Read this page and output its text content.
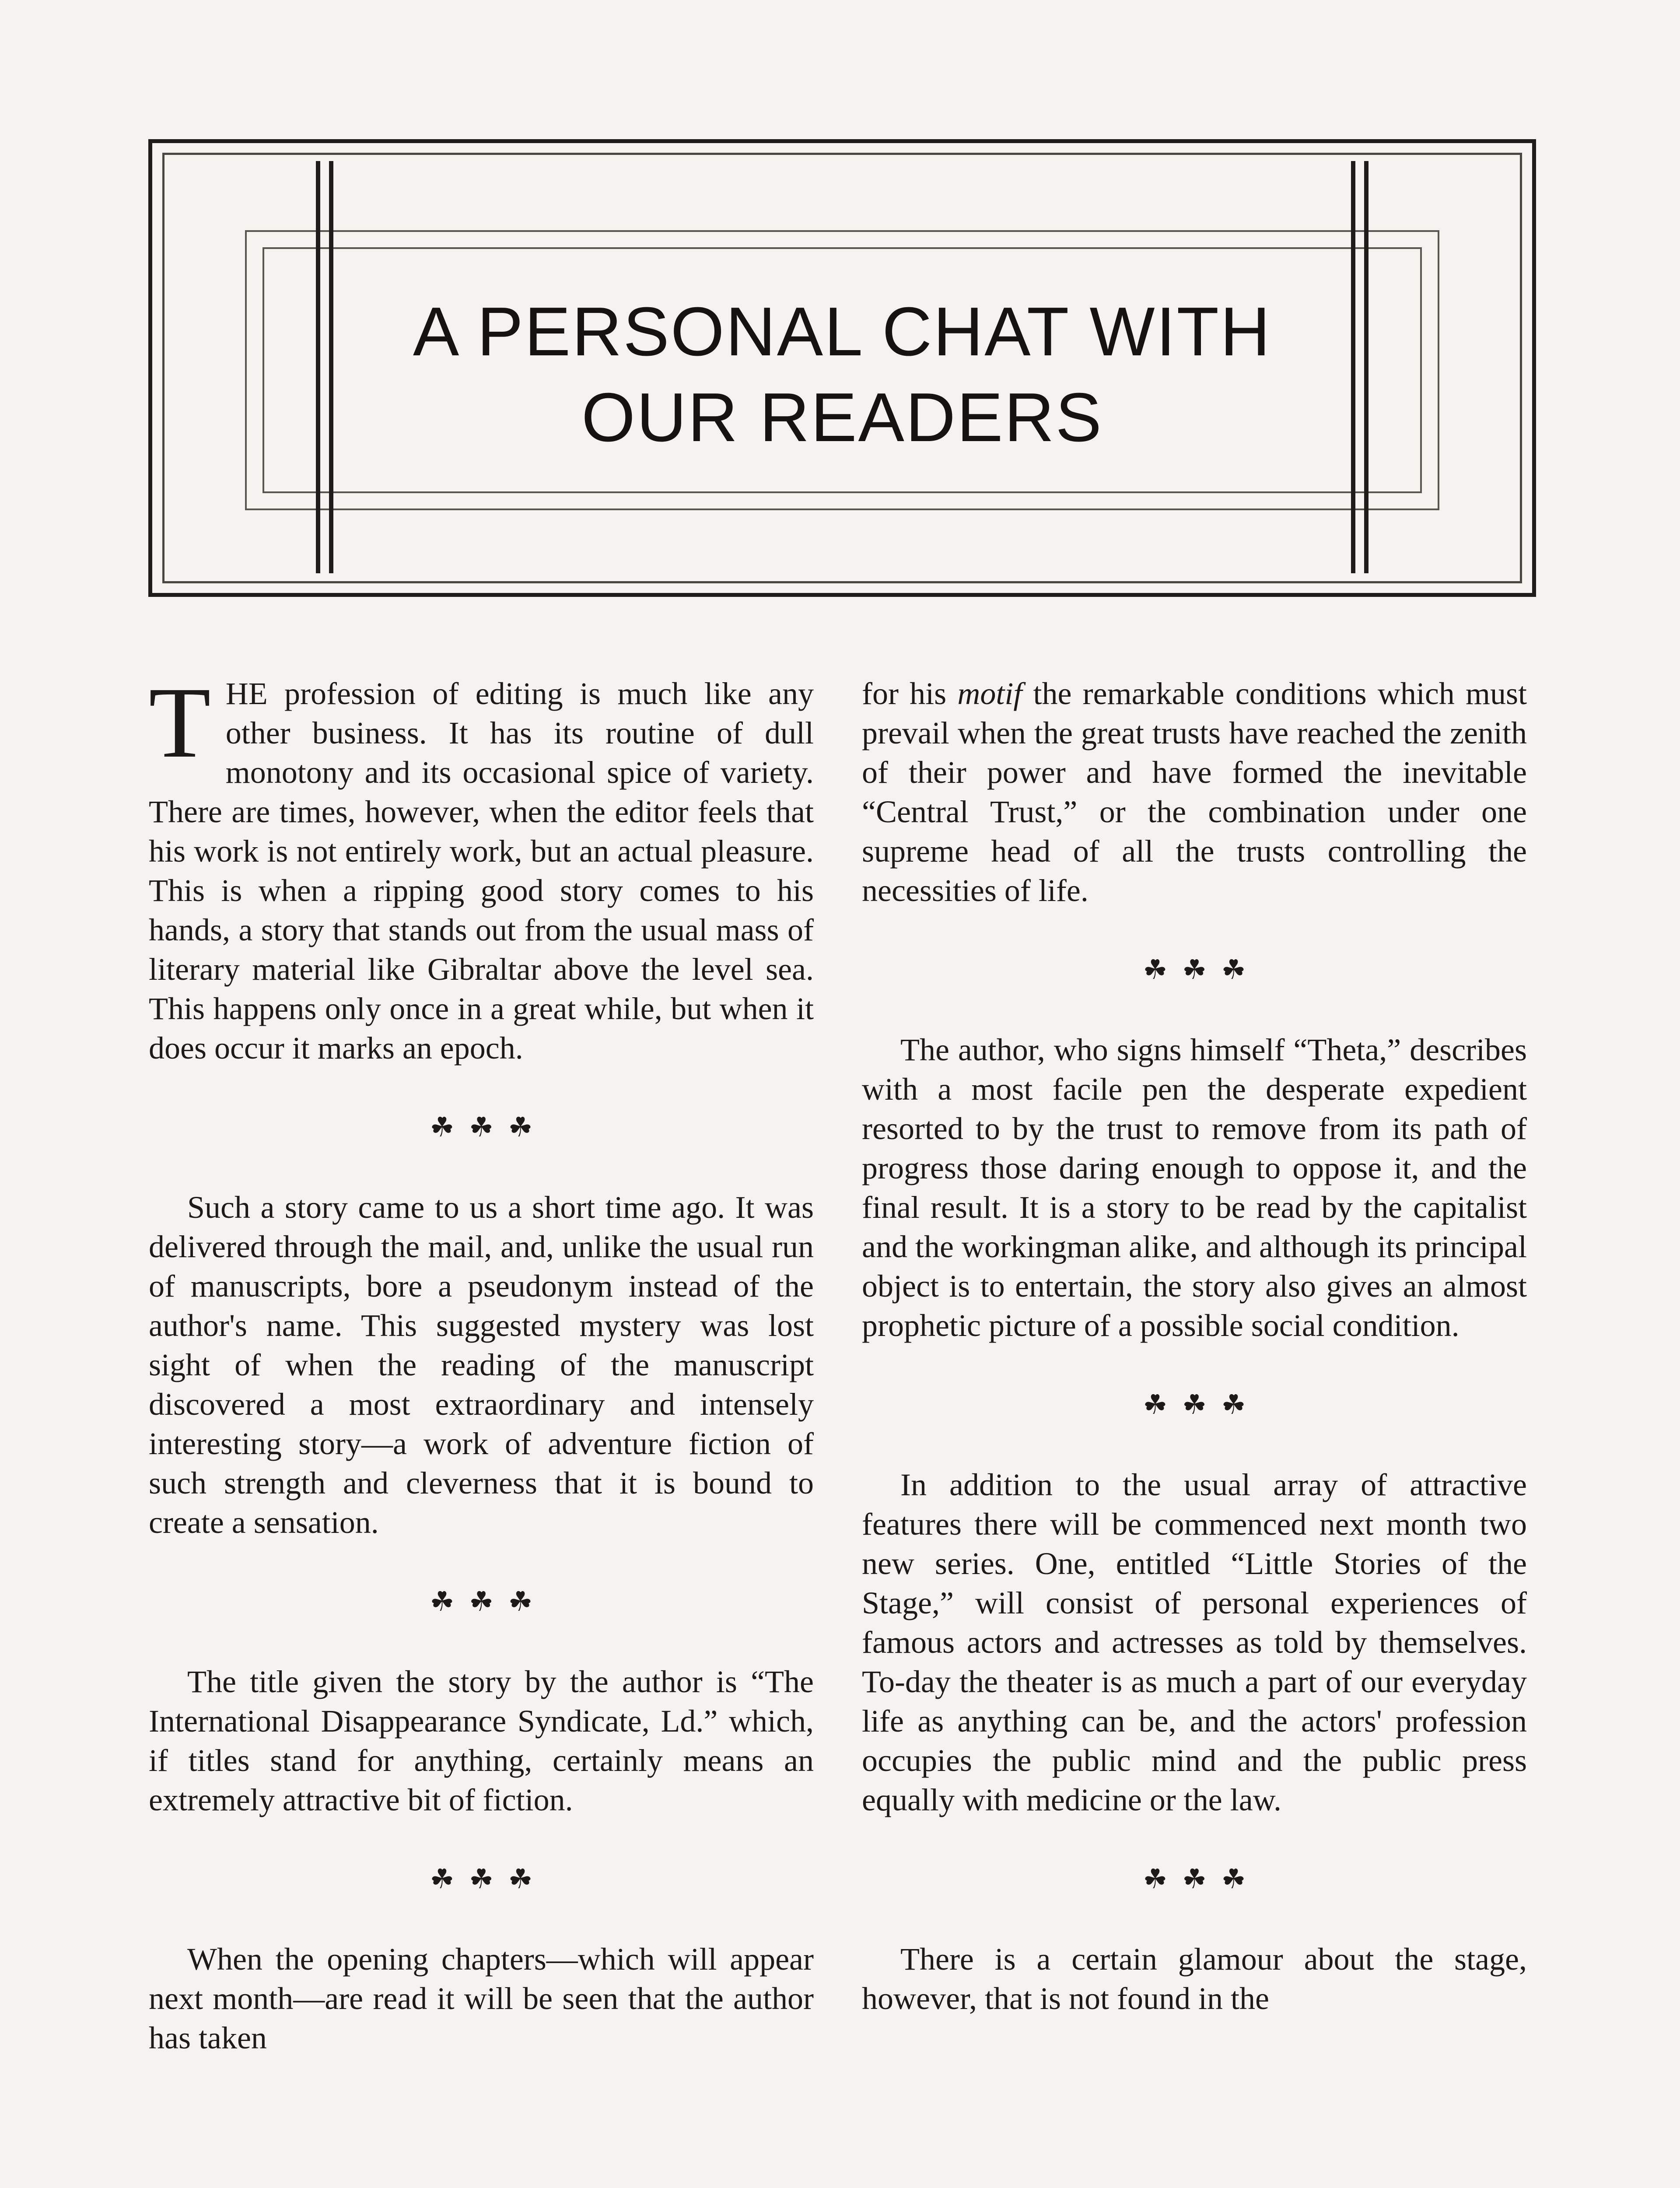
A PERSONAL CHAT WITH
OUR READERS

THE profession of editing is much like any other business. It has its routine of dull monotony and its occasional spice of variety. There are times, however, when the editor feels that his work is not entirely work, but an actual pleasure. This is when a ripping good story comes to his hands, a story that stands out from the usual mass of literary material like Gibraltar above the level sea. This happens only once in a great while, but when it does occur it marks an epoch.

☘☘☘

Such a story came to us a short time ago. It was delivered through the mail, and, unlike the usual run of manuscripts, bore a pseudonym instead of the author's name. This suggested mystery was lost sight of when the reading of the manuscript discovered a most extraordinary and intensely interesting story—a work of adventure fiction of such strength and cleverness that it is bound to create a sensation.

☘☘☘

The title given the story by the author is “The International Disappearance Syndicate, Ld.” which, if titles stand for anything, certainly means an extremely attractive bit of fiction.

☘☘☘

When the opening chapters—which will appear next month—are read it will be seen that the author has taken

for his motif the remarkable conditions which must prevail when the great trusts have reached the zenith of their power and have formed the inevitable “Central Trust,” or the combination under one supreme head of all the trusts controlling the necessities of life.

☘☘☘

The author, who signs himself “Theta,” describes with a most facile pen the desperate expedient resorted to by the trust to remove from its path of progress those daring enough to oppose it, and the final result. It is a story to be read by the capitalist and the workingman alike, and although its principal object is to entertain, the story also gives an almost prophetic picture of a possible social condition.

☘☘☘

In addition to the usual array of attractive features there will be commenced next month two new series. One, entitled “Little Stories of the Stage,” will consist of personal experiences of famous actors and actresses as told by themselves. To-day the theater is as much a part of our everyday life as anything can be, and the actors' profession occupies the public mind and the public press equally with medicine or the law.

☘☘☘

There is a certain glamour about the stage, however, that is not found in the
